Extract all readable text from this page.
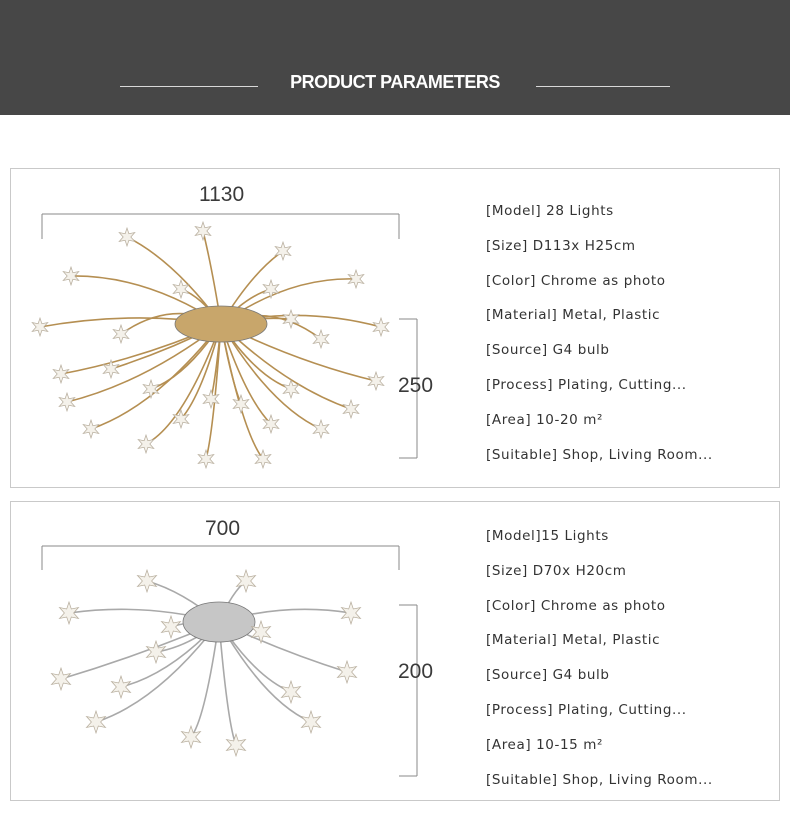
PRODUCT PARAMETERS
1130
250
[Model] 28 Lights
[Size] D113x H25cm
[Color] Chrome as photo
[Material] Metal, Plastic
[Source] G4 bulb
[Process] Plating, Cutting...
[Area] 10-20 m²
[Suitable] Shop, Living Room...
700
200
[Model]15 Lights
[Size] D70x H20cm
[Color] Chrome as photo
[Material] Metal, Plastic
[Source] G4 bulb
[Process] Plating, Cutting...
[Area] 10-15 m²
[Suitable] Shop, Living Room...
